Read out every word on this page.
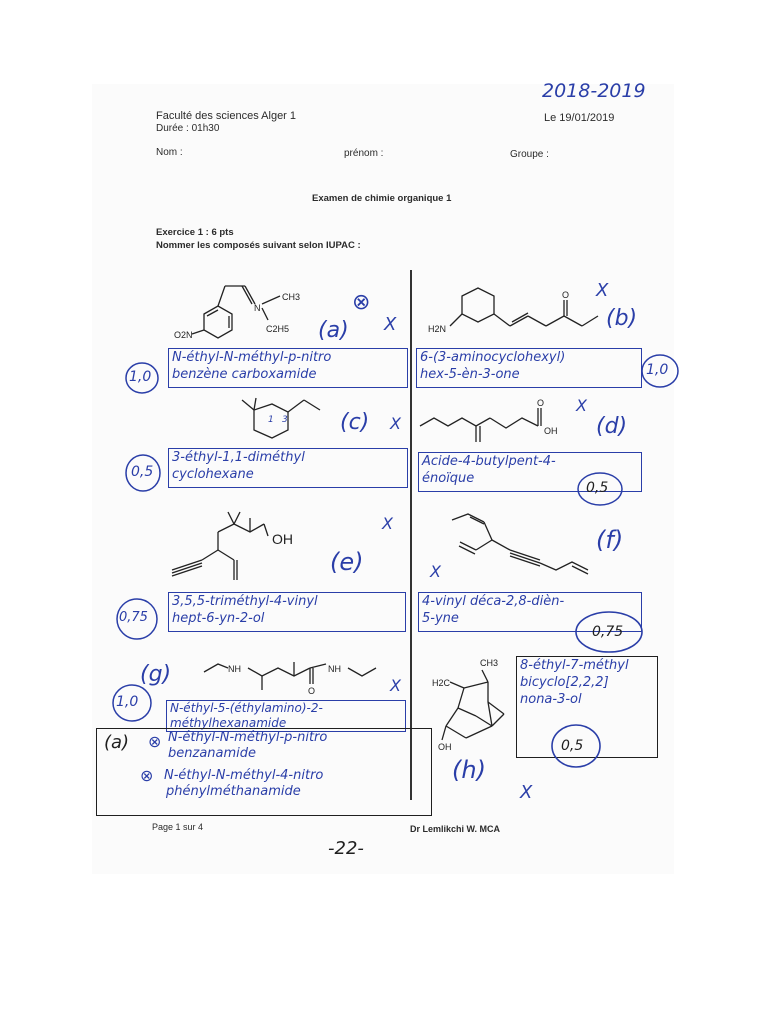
2018-2019
Faculté des sciences Alger 1
Durée : 01h30
Le 19/01/2019
Nom :	prénom :	Groupe :
Examen de chimie organique 1
Exercice 1 : 6 pts
Nommer les composés suivant selon IUPAC :
N
CH3
C2H5
O2N	(a)
⊗
X
N-éthyl-N-méthyl-p-nitro
benzène carboxamide
1,0
H2N
O X
(b)
6-(3-aminocyclohexyl)
hex-5-èn-3-one	1,0
1 3 (c) X
3-éthyl-1,1-diméthyl
cyclohexane
0,5
OH
O X
(d)
Acide-4-butylpent-4-
énoïque
0,5
OH
(e)
X
3,5,5-triméthyl-4-vinyl
hept-6-yn-2-ol
0,75
(f)
X
4-vinyl déca-2,8-dièn-
5-yne
0,75
NH	NH
O
(g)	X
N-éthyl-5-(éthylamino)-2-
méthylhexanamide
1,0
(a) ⊗ N-éthyl-N-méthyl-p-nitro
benzanamide
⊗ N-éthyl-N-méthyl-4-nitro
phénylméthanamide
CH3
H2C
OH
(h)
X
8-éthyl-7-méthyl
bicyclo[2,2,2]
nona-3-ol
0,5
Page 1 sur 4	Dr Lemlikchi W. MCA
-22-
